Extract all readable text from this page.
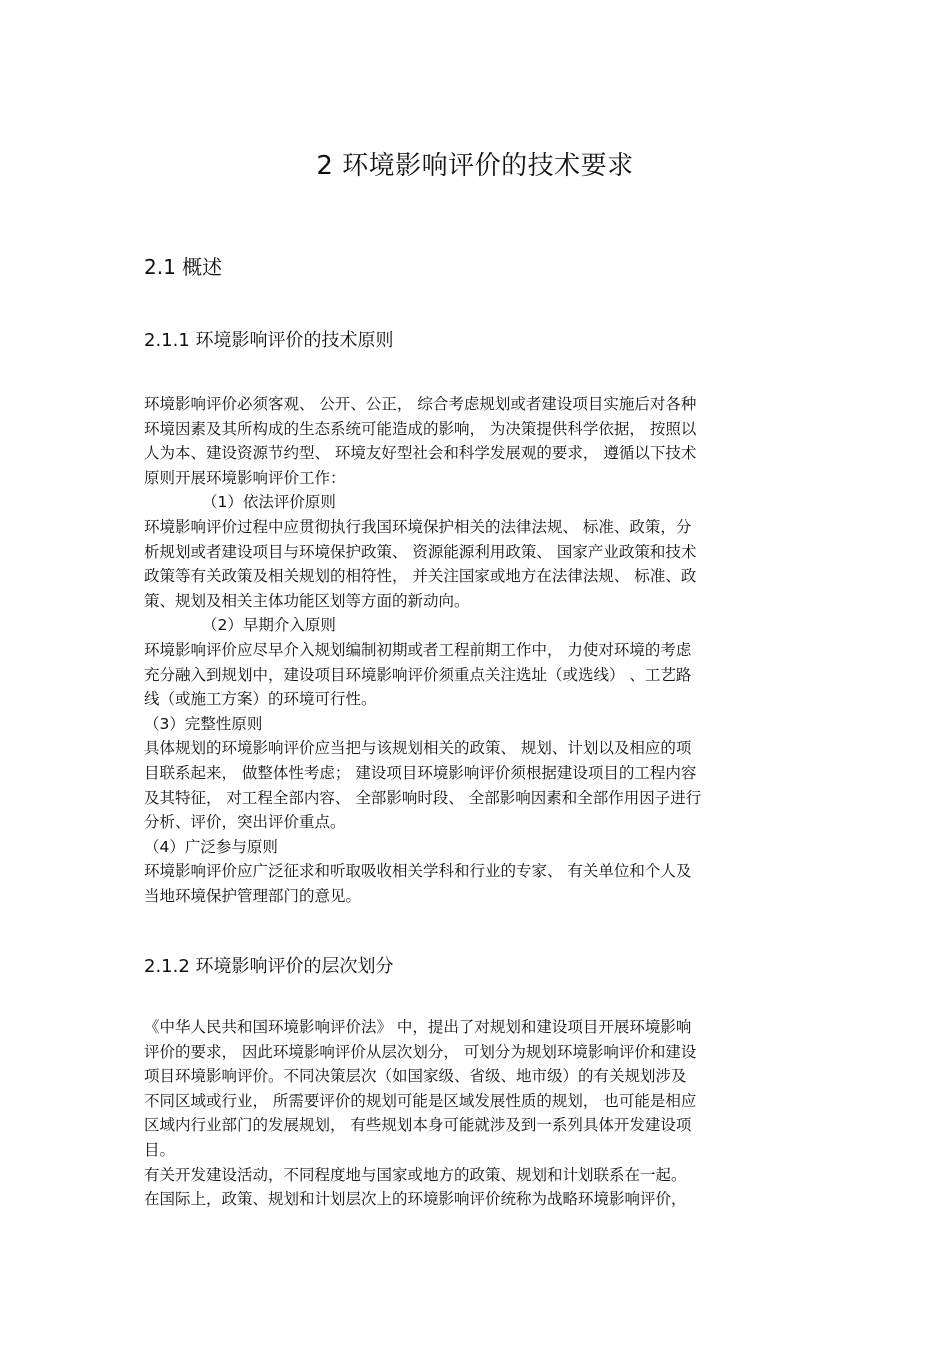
2 环境影响评价的技术要求
2.1 概述
2.1.1 环境影响评价的技术原则

环境影响评价必须客观、 公开、公正， 综合考虑规划或者建设项目实施后对各种

环境因素及其所构成的生态系统可能造成的影响， 为决策提供科学依据， 按照以

人为本、建设资源节约型、 环境友好型社会和科学发展观的要求， 遵循以下技术

原则开展环境影响评价工作：

（1）依法评价原则

环境影响评价过程中应贯彻执行我国环境保护相关的法律法规、 标准、政策，分

析规划或者建设项目与环境保护政策、 资源能源利用政策、 国家产业政策和技术

政策等有关政策及相关规划的相符性， 并关注国家或地方在法律法规、 标准、政

策、规划及相关主体功能区划等方面的新动向。

（2）早期介入原则

环境影响评价应尽早介入规划编制初期或者工程前期工作中， 力使对环境的考虑

充分融入到规划中，建设项目环境影响评价须重点关注选址（或选线） 、工艺路

线（或施工方案）的环境可行性。

（3）完整性原则

具体规划的环境影响评价应当把与该规划相关的政策、 规划、计划以及相应的项

目联系起来， 做整体性考虑； 建设项目环境影响评价须根据建设项目的工程内容

及其特征， 对工程全部内容、 全部影响时段、 全部影响因素和全部作用因子进行

分析、评价，突出评价重点。

（4）广泛参与原则

环境影响评价应广泛征求和听取吸收相关学科和行业的专家、 有关单位和个人及

当地环境保护管理部门的意见。

2.1.2 环境影响评价的层次划分

《中华人民共和国环境影响评价法》 中，提出了对规划和建设项目开展环境影响

评价的要求， 因此环境影响评价从层次划分， 可划分为规划环境影响评价和建设

项目环境影响评价。不同决策层次（如国家级、省级、地市级）的有关规划涉及

不同区域或行业， 所需要评价的规划可能是区域发展性质的规划， 也可能是相应

区域内行业部门的发展规划， 有些规划本身可能就涉及到一系列具体开发建设项

目。

有关开发建设活动，不同程度地与国家或地方的政策、规划和计划联系在一起。

在国际上，政策、规划和计划层次上的环境影响评价统称为战略环境影响评价，
